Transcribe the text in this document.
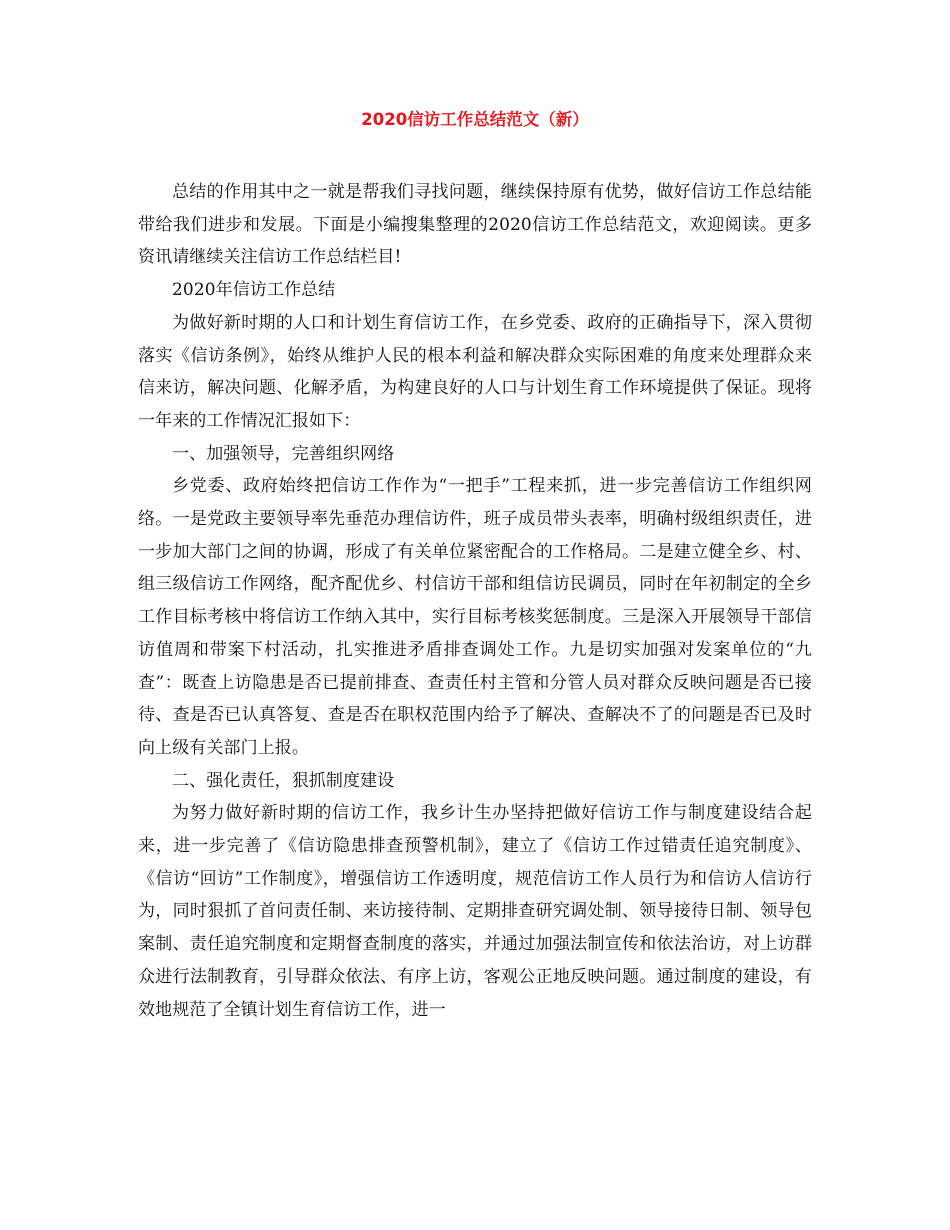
2020信访工作总结范文（新）

总结的作用其中之一就是帮我们寻找问题，继续保持原有优势，做好信访工作总结能带给我们进步和发展。下面是小编搜集整理的2020信访工作总结范文，欢迎阅读。更多资讯请继续关注信访工作总结栏目!

2020年信访工作总结

为做好新时期的人口和计划生育信访工作，在乡党委、政府的正确指导下，深入贯彻落实《信访条例》，始终从维护人民的根本利益和解决群众实际困难的角度来处理群众来信来访，解决问题、化解矛盾，为构建良好的人口与计划生育工作环境提供了保证。现将一年来的工作情况汇报如下：

一、加强领导，完善组织网络

乡党委、政府始终把信访工作作为“一把手”工程来抓，进一步完善信访工作组织网络。一是党政主要领导率先垂范办理信访件，班子成员带头表率，明确村级组织责任，进一步加大部门之间的协调，形成了有关单位紧密配合的工作格局。二是建立健全乡、村、组三级信访工作网络，配齐配优乡、村信访干部和组信访民调员，同时在年初制定的全乡工作目标考核中将信访工作纳入其中，实行目标考核奖惩制度。三是深入开展领导干部信访值周和带案下村活动，扎实推进矛盾排查调处工作。九是切实加强对发案单位的“九查”：既查上访隐患是否已提前排查、查责任村主管和分管人员对群众反映问题是否已接待、查是否已认真答复、查是否在职权范围内给予了解决、查解决不了的问题是否已及时向上级有关部门上报。

二、强化责任，狠抓制度建设

为努力做好新时期的信访工作，我乡计生办坚持把做好信访工作与制度建设结合起来，进一步完善了《信访隐患排查预警机制》，建立了《信访工作过错责任追究制度》、《信访“回访”工作制度》，增强信访工作透明度，规范信访工作人员行为和信访人信访行为，同时狠抓了首问责任制、来访接待制、定期排查研究调处制、领导接待日制、领导包案制、责任追究制度和定期督查制度的落实，并通过加强法制宣传和依法治访，对上访群众进行法制教育，引导群众依法、有序上访，客观公正地反映问题。通过制度的建设，有效地规范了全镇计划生育信访工作，进一
